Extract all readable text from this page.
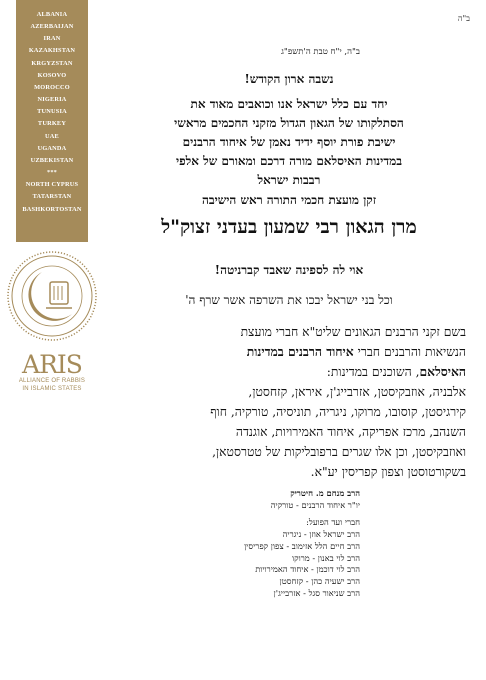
ALBANIA
AZERBAIJAN
IRAN
KAZAKHSTAN
KRGYZSTAN
KOSOVO
MOROCCO
NIGERIA
TUNUSIA
TURKEY
UAE
UGANDA
UZBEKISTAN
***
NORTH CYPRUS
TATARSTAN
BASHKORTOSTAN
ARIS
ALLIANCE OF RABBIS
IN ISLAMIC STATES
ב"ה
ב"ה, י"ח טבת ה'תשפ"ג
נשבה ארון הקודש!
יחד עם כלל ישראל אנו וכואבים מאוד את
הסתלקותו של הגאון הגדול מזקני החכמים מראשי
ישיבת פורת יוסף ידיד נאמן של איחוד הרבנים
במדינות האיסלאם מורה דרכם ומאורם של אלפי
רבבות ישראל
זקן מועצת חכמי התורה ראש הישיבה
מרן הגאון רבי שמעון בעדני זצוק"ל
אוי לה לספינה שאבד קברניטה!
וכל בני ישראל יבכו את השרפה אשר שרף ה'
בשם זקני הרבנים הגאונים שליט"א חברי מועצת
הנשיאות והרבנים חברי איחוד הרבנים במדינות
האיסלאם, השוכנים במדינות:
אלבניה, אוזבקיסטן, אזרבייג'ן, איראן, קזחסטן,
קירגיסטן, קוסובו, מרוקו, ניגריה, תוניסיה, טורקיה, חוף
השנהב, מרכז אפריקה, איחוד האמירויות, אוגנדה
ואוזבקיסטן, וכן אלו שגרים ברפובליקות של טטרסטאן,
בשקורטוסטן וצפון קפריסין יע"א.
הרב מנחם מ. חיטריק
יו"ר איחוד הרבנים - טורקיה
חברי ועד הפועל:
הרב ישראל אוזן - ניגריה
הרב חיים הלל אזימוב - צפון קפריסין
הרב לוי באנון - מרוקו
הרב לוי דוכמן - איחוד האמירויות
הרב ישעיה כהן - קזחסטן
הרב שניאור סגל - אזרבייג'ן
